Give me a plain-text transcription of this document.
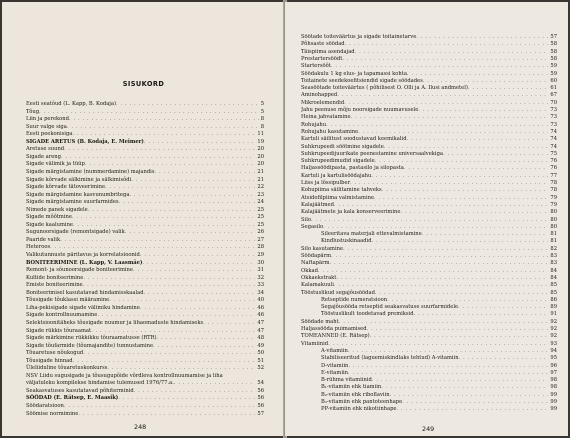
SISUKORD
Eesti seatõud (L. Kapp, B. Kodaja) . . .	5
Tõug . . .	5
Liin ja perekond . . .	8
Suur valge siga . . .	8
Eesti peekonisiga . . .	11
SIGADE ARETUS (B. Kodaja, E. Meimer) . . .	19
Aretuse suund . . .	20
Sigade areng . . .	20
Sigade välimik ja tüüp . . .	20
Sigade märgistamine (nummerdamine) majandis . . .	21
Sigade kõrvade sälkimine ja sälkimisõdi . . .	21
Sigade kõrvade tätoveerimine . . .	22
Sigade märgistamine kasvunumbritega . . .	23
Sigade märgistamine suurfarmides . . .	24
Nimede panek sigadele . . .	25
Sigade mõõtmine . . .	25
Sigade kaalumine . . .	25
Sugunoorsigade (remontsigade) valik . . .	26
Paaride valik . . .	27
Heteroos . . .	28
Valikutunnuste päritavus ja korrelatsioonid . . .	29
BONITEERIMINE (L. Kapp, V. Laasmäe) . . .	30
Remont- ja sõunoorsigade boniteerimine . . .	31
Kultide boniteerimine . . .	32
Emiste boniteerimine . . .	33
Boniteerimisel kasutatavad hindamisskaalad . . .	34
Tõusigade tõuklassi määramine . . .	40
Liha-pekisigade sigade välimiku hindamine . . .	46
Sigade kontrollnuumamine . . .	46
Selektsioonitäheks tõusigade nuumur ja lihaomaduste hindamiseks . . .	47
Sigade rükkis tõuraamat . . .	47
Sigade märkimine rükkikku tõuraamatusse (RTR) . . .	48
Sigade tõufarmide (tõumajandite) tunnustamine . . .	49
Tõuaretuse nõukogud . . .	50
Tõusigade hinnad . . .	51
Üleliiduline tõuaretuskonkurss . . .	52
NSV Liidu sugusigade ja tõusugupõide võrdleva kontrollnuumamise ja liha
väljatuleku kompilekse hindamise tulemused 1976/77.a. . . .	54
Seakasvatuses kasutatavad põhiterminid . . .	56
SÖÖDAD (E. Rätsep, E. Maasik) . . .	56
Söödaratsioon . . .	56
Söömise normimine . . .	57
248
Söötade toiteväärtus ja sigade toitainetarve . . .	57
Põhsaste söödad . . .	58
Täispiima asendajad . . .	58
Prestartersöödt . . .	58
Startersöõt . . .	59
Söödakulu 1 kg elus- ja tapamassi kohta . . .	59
Toitainete seedekoefitsiendid sigade söödades . . .	60
Seasöötade toiteväärtus ( põhilisest O. Olli ja A. Ilusi andmetel) . . .	61
Aminohapped . . .	67
Mikroelemendid . . .	70
Jahu peenuse mõju noorsigade nuumavusele . . .	73
Heina jahvatamine . . .	73
Rohujahu . . .	73
Rohujahu kasutamine . . .	74
Kartuli säilitust soodustavad keemikalid . . .	74
Suhkrupeedi söötmine sigadele . . .	74
Suhkrupeedijuurikate peenestamine universaalvekiga . . .	75
Suhkrupeedimudid sigadele . . .	76
Haljassöödipasta, pastasilo ja silopasta . . .	76
Kartuli ja kartulisöödajahu . . .	77
Liiss ja lõssipulber . . .	78
Kohupiima säilitamine tahveks . . .	78
Atsidofilpiima valmistamine . . .	79
Kalajäätmed . . .	79
Kalajäätmete ja kala konserveerimine . . .	80
Silo . . .	80
Segasilo . . .	80
Silееritava materjali ettevalmistamine . . .	81
Kindlustuskinaadid . . .	81
Silo kasutamine . . .	82
Söödapärm . . .	83
Naftapärm . . .	83
Okkad . . .	84
Okkaekstrakt . . .	84
Kalamakuuli . . .	85
Tööstuslikud segajõusöödad . . .	85
Retseptide numeratsioon . . .	86
Segajõusööda retseptid seakasvatuse suurfarmidele . . .	89
Tööstuslikult toodetavad premiksid . . .	91
Söödade maht . . .	92
Haljassööda puimamised . . .	92
TOMEANNED (E. Rätsep) . . .	92
Vitamiinid . . .	93
A-vitamiin . . .	94
Stabiliseeritud (laguemiskindlaks tehtud) A-vitamiin . . .	95
D-vitamiin . . .	96
E-vitamiin . . .	97
B-rühma vitamiinid . . .	98
B₁-vitamiin ehk tiamiin . . .	98
B₂-vitamiin ehk riboflaviin . . .	99
B₃-vitamiin ehk pantoteenhape . . .	99
PP-vitamiin ehk nikotiinhape . . .	99
249
